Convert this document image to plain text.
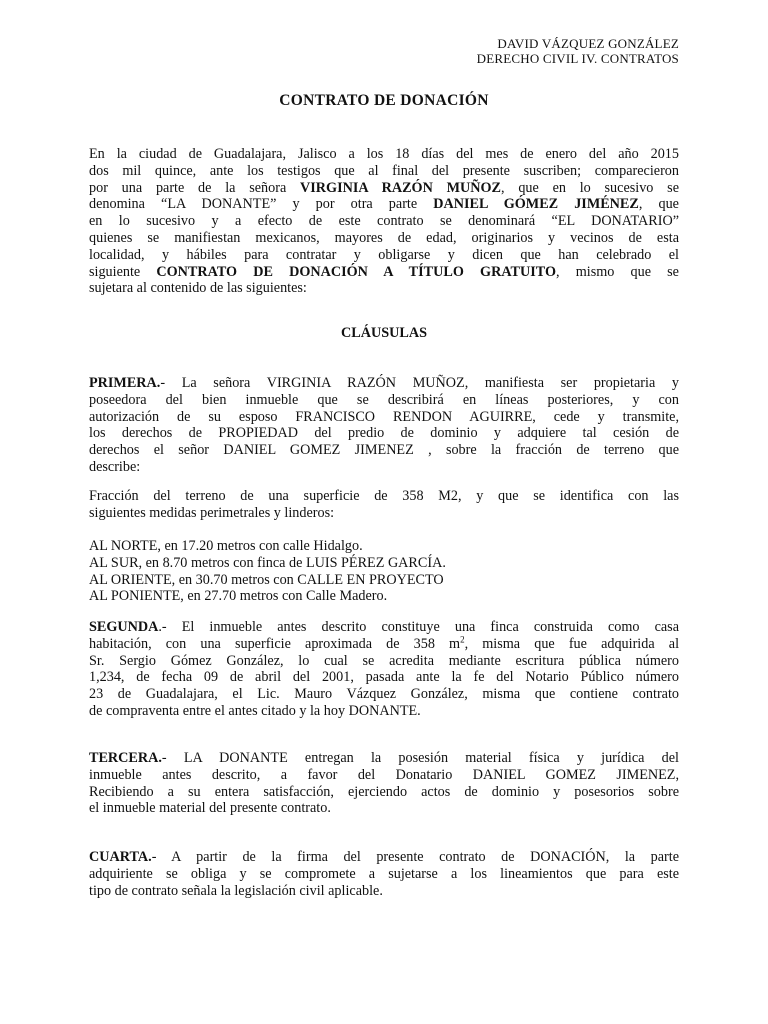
DAVID VÁZQUEZ GONZÁLEZ
DERECHO CIVIL IV. CONTRATOS
CONTRATO DE DONACIÓN
En la ciudad de Guadalajara, Jalisco a los 18 días del mes de enero del año 2015
dos mil quince, ante los testigos que al final del presente suscriben; comparecieron
por una parte de la señora VIRGINIA RAZÓN MUÑOZ, que en lo sucesivo se
denomina “LA DONANTE” y por otra parte DANIEL GÓMEZ JIMÉNEZ, que
en lo sucesivo y a efecto de este contrato se denominará “EL DONATARIO”
quienes se manifiestan mexicanos, mayores de edad, originarios y vecinos de esta
localidad, y hábiles para contratar y obligarse y dicen que han celebrado el
siguiente CONTRATO DE DONACIÓN A TÍTULO GRATUITO, mismo que se
sujetara al contenido de las siguientes:
CLÁUSULAS
PRIMERA.- La señora VIRGINIA RAZÓN MUÑOZ, manifiesta ser propietaria y
poseedora del bien inmueble que se describirá en líneas posteriores, y con
autorización de su esposo FRANCISCO RENDON AGUIRRE, cede y transmite,
los derechos de PROPIEDAD del predio de dominio y adquiere tal cesión de
derechos el señor DANIEL GOMEZ JIMENEZ , sobre la fracción de terreno que
describe:
Fracción del terreno de una superficie de 358 M2, y que se identifica con las
siguientes medidas perimetrales y linderos:
AL NORTE, en 17.20 metros con calle Hidalgo.
AL SUR, en 8.70 metros con finca de LUIS PÉREZ GARCÍA.
AL ORIENTE, en 30.70 metros con CALLE EN PROYECTO
AL PONIENTE, en 27.70 metros con Calle Madero.
SEGUNDA.- El inmueble antes descrito constituye una finca construida como casa
habitación, con una superficie aproximada de 358 $m^2$, misma que fue adquirida al
Sr. Sergio Gómez González, lo cual se acredita mediante escritura pública número
1,234, de fecha 09 de abril del 2001, pasada ante la fe del Notario Público número
23 de Guadalajara, el Lic. Mauro Vázquez González, misma que contiene contrato
de compraventa entre el antes citado y la hoy DONANTE.
TERCERA.- LA DONANTE entregan la posesión material física y jurídica del
inmueble antes descrito, a favor del Donatario DANIEL GOMEZ JIMENEZ,
Recibiendo a su entera satisfacción, ejerciendo actos de dominio y posesorios sobre
el inmueble material del presente contrato.
CUARTA.- A partir de la firma del presente contrato de DONACIÓN, la parte
adquiriente se obliga y se compromete a sujetarse a los lineamientos que para este
tipo de contrato señala la legislación civil aplicable.
